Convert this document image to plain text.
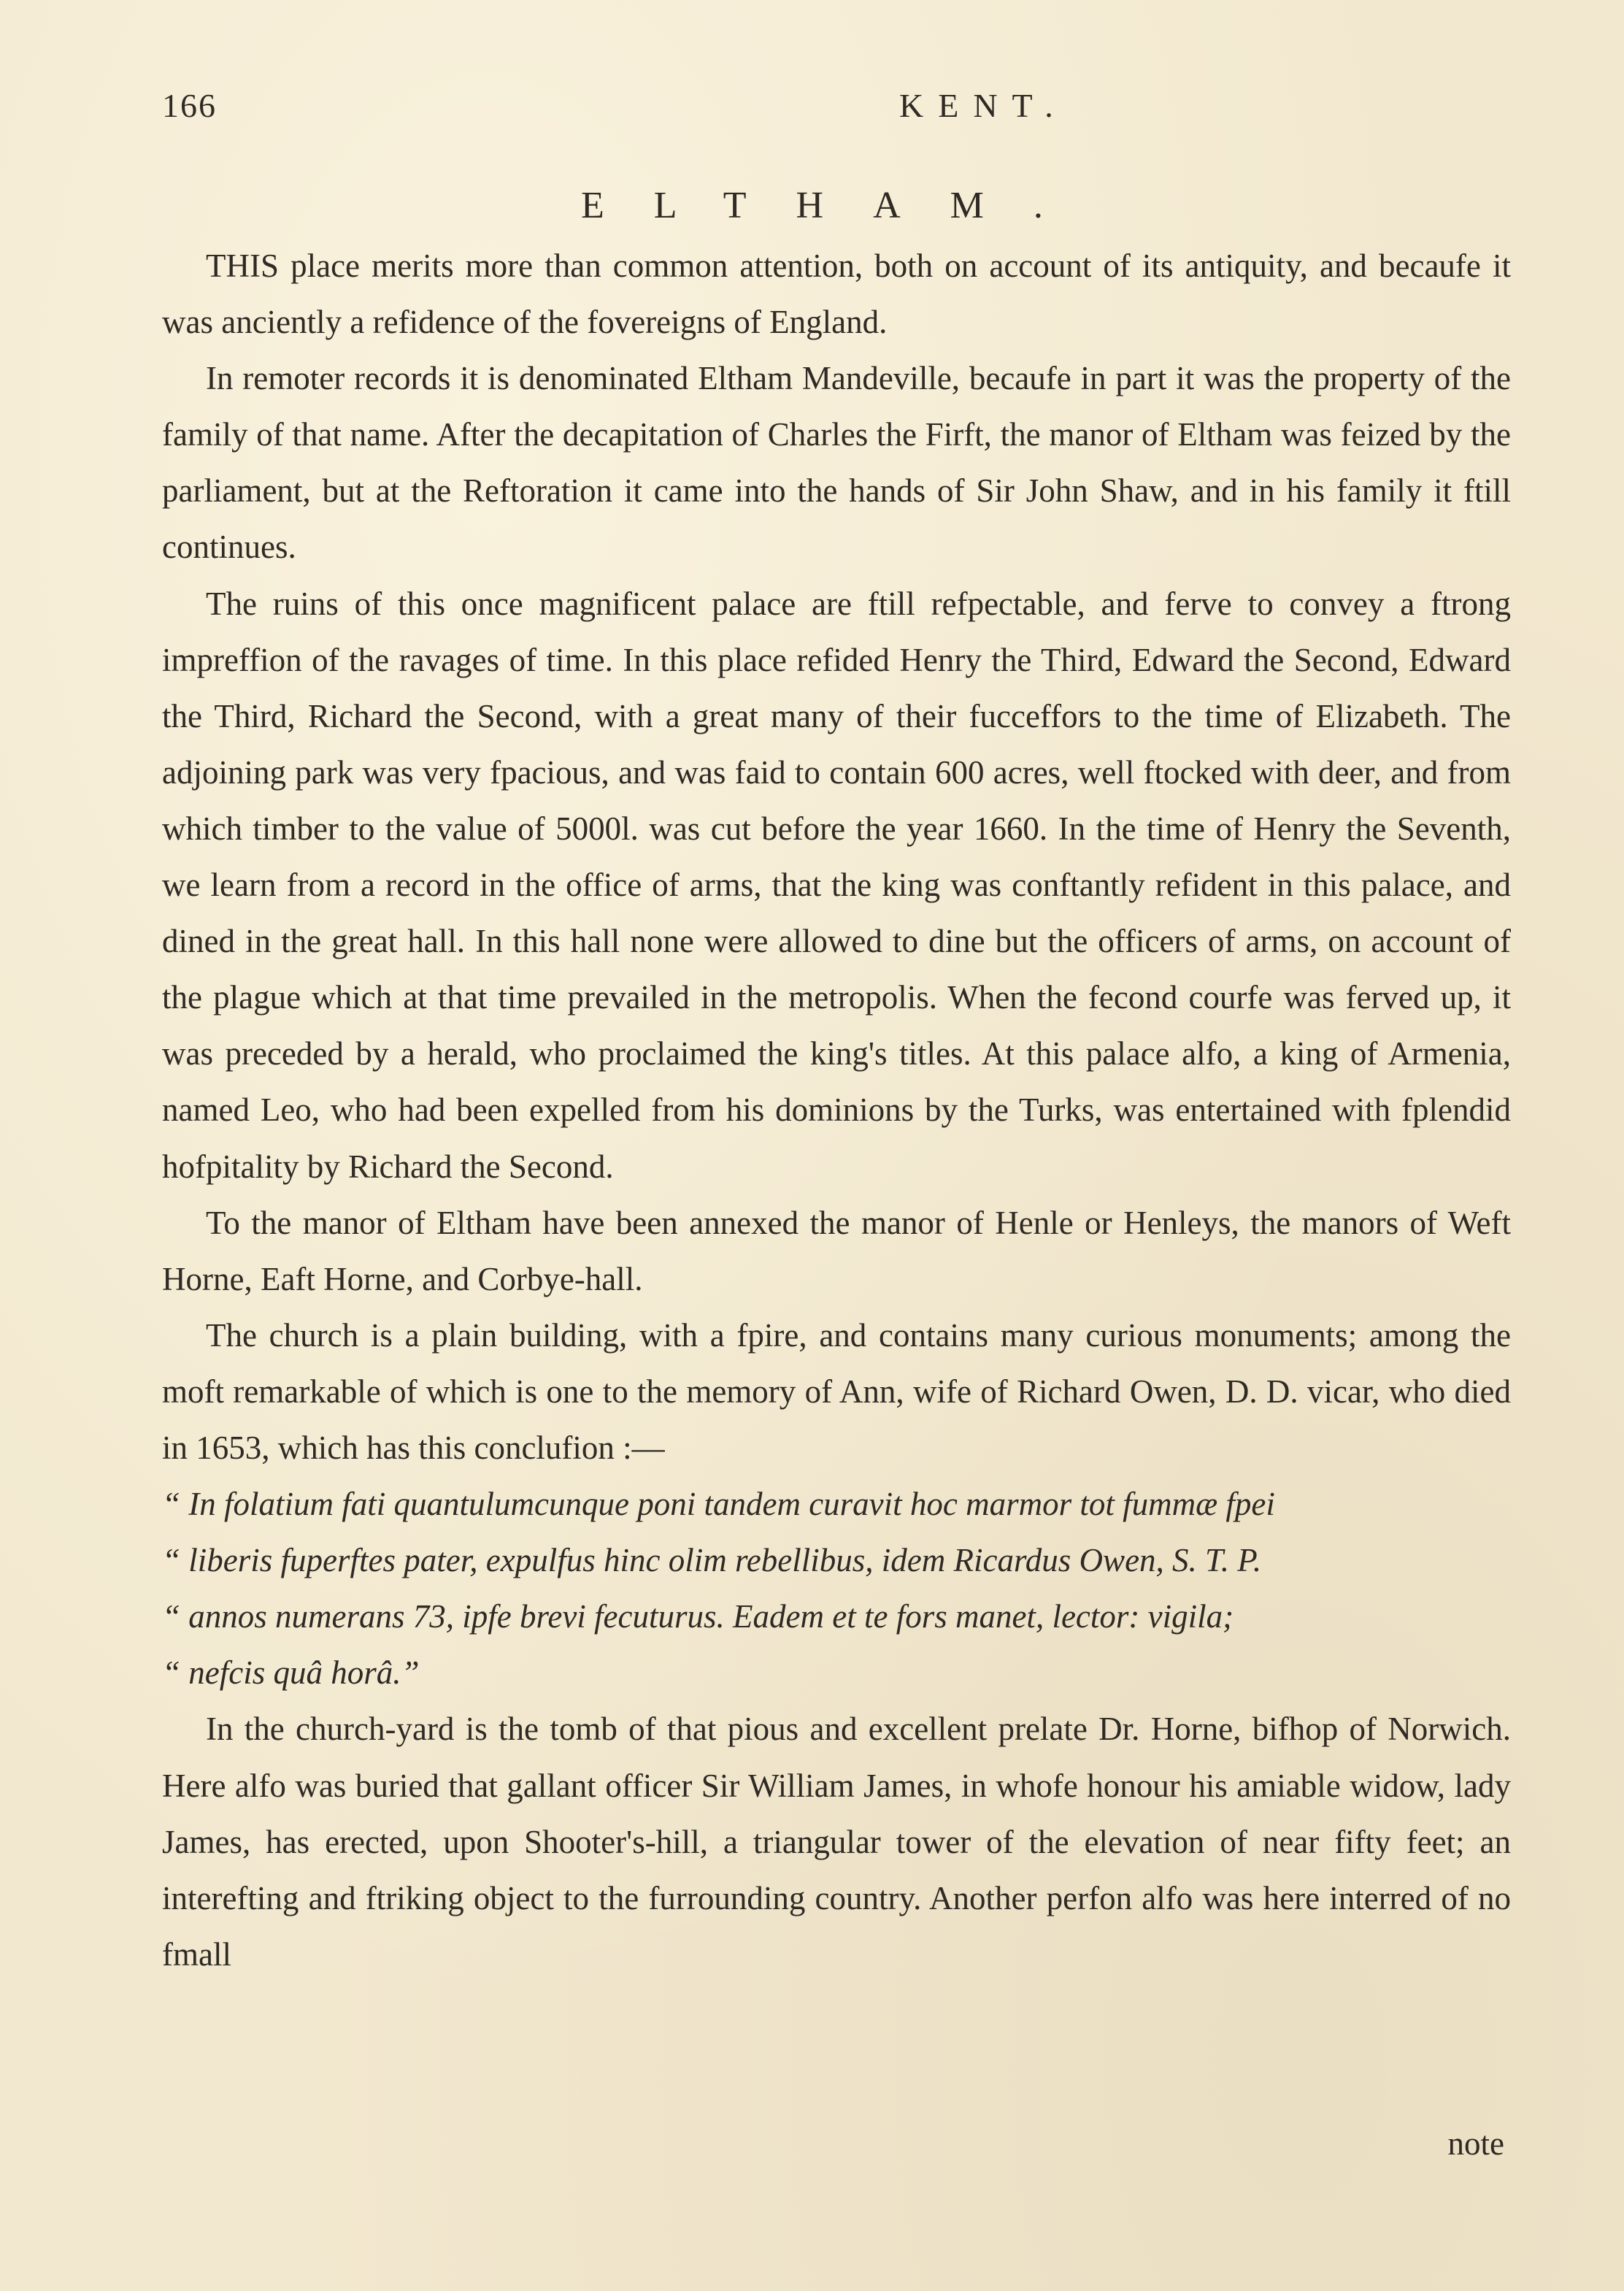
166	KENT.
ELTHAM.

THIS place merits more than common attention, both on account of its antiquity, and becaufe it was anciently a refidence of the fovereigns of England.

In remoter records it is denominated Eltham Mandeville, becaufe in part it was the property of the family of that name. After the decapitation of Charles the Firft, the manor of Eltham was feized by the parliament, but at the Reftoration it came into the hands of Sir John Shaw, and in his family it ftill continues.

The ruins of this once magnificent palace are ftill refpectable, and ferve to convey a ftrong impreffion of the ravages of time. In this place refided Henry the Third, Edward the Second, Edward the Third, Richard the Second, with a great many of their fucceffors to the time of Elizabeth. The adjoining park was very fpacious, and was faid to contain 600 acres, well ftocked with deer, and from which timber to the value of 5000l. was cut before the year 1660. In the time of Henry the Seventh, we learn from a record in the office of arms, that the king was conftantly refident in this palace, and dined in the great hall. In this hall none were allowed to dine but the officers of arms, on account of the plague which at that time prevailed in the metropolis. When the fecond courfe was ferved up, it was preceded by a herald, who proclaimed the king's titles. At this palace alfo, a king of Armenia, named Leo, who had been expelled from his dominions by the Turks, was entertained with fplendid hofpitality by Richard the Second.

To the manor of Eltham have been annexed the manor of Henle or Henleys, the manors of Weft Horne, Eaft Horne, and Corbye-hall.

The church is a plain building, with a fpire, and contains many curious monuments; among the moft remarkable of which is one to the memory of Ann, wife of Richard Owen, D. D. vicar, who died in 1653, which has this conclufion :—

“ In folatium fati quantulumcunque poni tandem curavit hoc marmor tot fummæ fpei

“ liberis fuperftes pater, expulfus hinc olim rebellibus, idem Ricardus Owen, S. T. P.

“ annos numerans 73, ipfe brevi fecuturus. Eadem et te fors manet, lector: vigila;

“ nefcis quâ horâ.”

In the church-yard is the tomb of that pious and excellent prelate Dr. Horne, bifhop of Norwich. Here alfo was buried that gallant officer Sir William James, in whofe honour his amiable widow, lady James, has erected, upon Shooter's-hill, a triangular tower of the elevation of near fifty feet; an interefting and ftriking object to the furrounding country. Another perfon alfo was here interred of no fmall

note
